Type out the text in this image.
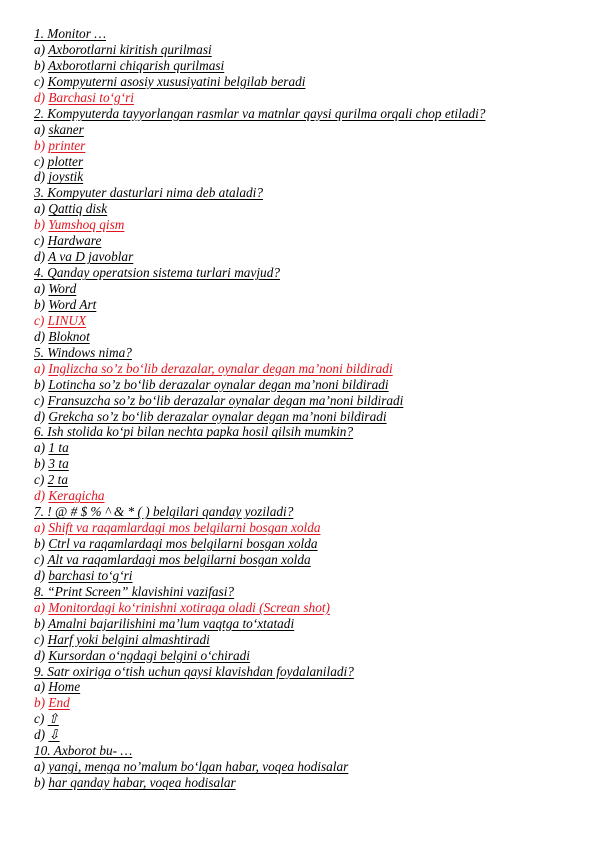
1. Monitor …
a) Axborotlarni kiritish qurilmasi
b) Axborotlarni chiqarish qurilmasi
c) Kompyuterni asosiy xususiyatini belgilab beradi
d) Barchasi to‘g‘ri
2. Kompyuterda tayyorlangan rasmlar va matnlar qaysi qurilma orqali chop etiladi?
a) skaner
b) printer
c) plotter
d) joystik
3. Kompyuter dasturlari nima deb ataladi?
a) Qattiq disk
b) Yumshoq qism
c) Hardware
d) A va D javoblar
4. Qanday operatsion sistema turlari mavjud?
a) Word
b) Word Art
c) LINUX
d) Bloknot
5. Windows nima?
a) Inglizcha so’z bo‘lib derazalar, oynalar degan ma’noni bildiradi
b) Lotincha so’z bo‘lib derazalar oynalar degan ma’noni bildiradi
c) Fransuzcha so’z bo‘lib derazalar oynalar degan ma’noni bildiradi
d) Grekcha so’z bo‘lib derazalar oynalar degan ma’noni bildiradi
6. Ish stolida ko‘pi bilan nechta papka hosil qilsih mumkin?
a) 1 ta
b) 3 ta
c) 2 ta
d) Keragicha
7. ! @ # $ % ^ & * ( ) belgilari qanday yoziladi?
a) Shift va raqamlardagi mos belgilarni bosgan xolda
b) Ctrl va raqamlardagi mos belgilarni bosgan xolda
c) Alt va raqamlardagi mos belgilarni bosgan xolda
d) barchasi to‘g‘ri
8. “Print Screen” klavishini vazifasi?
a) Monitordagi ko‘rinishni xotiraga oladi (Screan shot)
b) Amalni bajarilishini ma’lum vaqtga to‘xtatadi
c) Harf yoki belgini almashtiradi
d) Kursordan o‘ngdagi belgini o‘chiradi
9. Satr oxiriga o‘tish uchun qaysi klavishdan foydalaniladi?
a) Home
b) End
c) ⇧
d) ⇩
10. Axborot bu- …
a) yangi, menga no’malum bo‘lgan habar, voqea hodisalar
b) har qanday habar, voqea hodisalar
